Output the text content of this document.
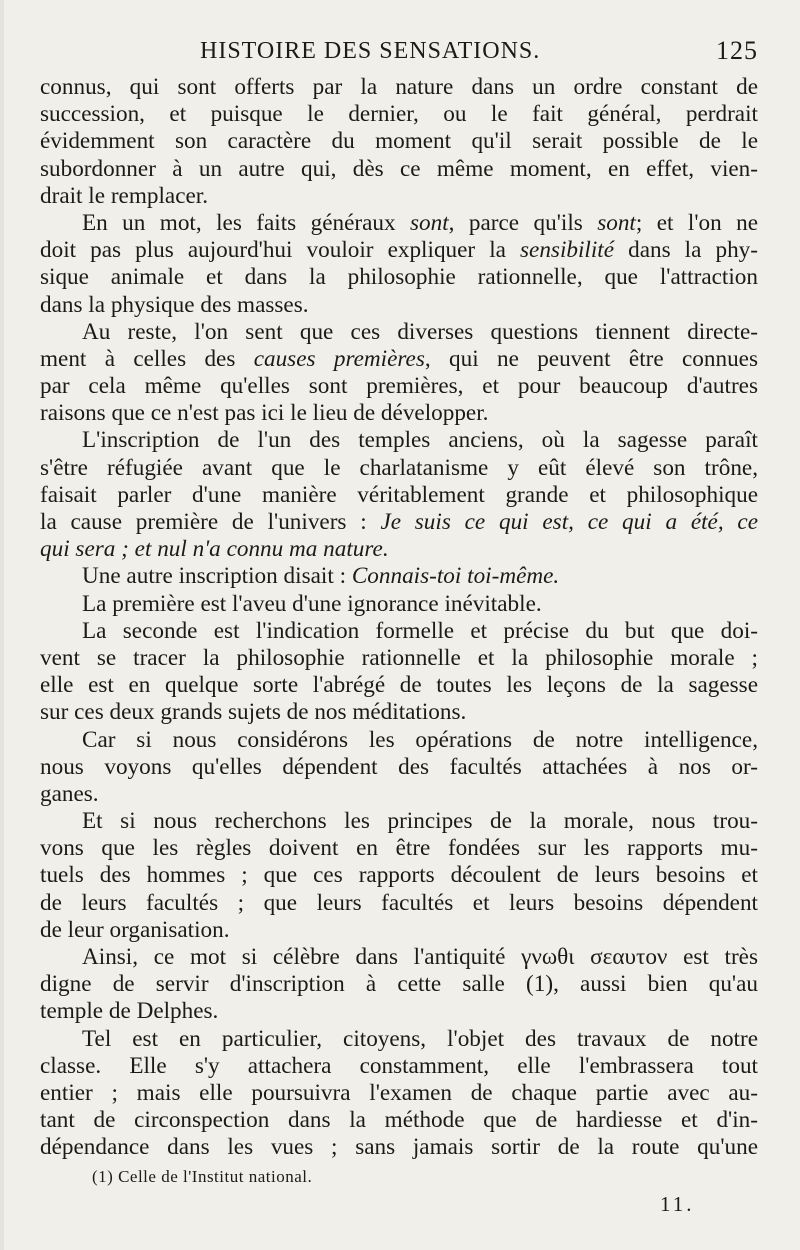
HISTOIRE DES SENSATIONS.	125
connus, qui sont offerts par la nature dans un ordre constant de
succession, et puisque le dernier, ou le fait général, perdrait
évidemment son caractère du moment qu'il serait possible de le
subordonner à un autre qui, dès ce même moment, en effet, vien-
drait le remplacer.
En un mot, les faits généraux sont, parce qu'ils sont; et l'on ne
doit pas plus aujourd'hui vouloir expliquer la sensibilité dans la phy-
sique animale et dans la philosophie rationnelle, que l'attraction
dans la physique des masses.
Au reste, l'on sent que ces diverses questions tiennent directe-
ment à celles des causes premières, qui ne peuvent être connues
par cela même qu'elles sont premières, et pour beaucoup d'autres
raisons que ce n'est pas ici le lieu de développer.
L'inscription de l'un des temples anciens, où la sagesse paraît
s'être réfugiée avant que le charlatanisme y eût élevé son trône,
faisait parler d'une manière véritablement grande et philosophique
la cause première de l'univers : Je suis ce qui est, ce qui a été, ce
qui sera ; et nul n'a connu ma nature.
Une autre inscription disait : Connais-toi toi-même.
La première est l'aveu d'une ignorance inévitable.
La seconde est l'indication formelle et précise du but que doi-
vent se tracer la philosophie rationnelle et la philosophie morale ;
elle est en quelque sorte l'abrégé de toutes les leçons de la sagesse
sur ces deux grands sujets de nos méditations.
Car si nous considérons les opérations de notre intelligence,
nous voyons qu'elles dépendent des facultés attachées à nos or-
ganes.
Et si nous recherchons les principes de la morale, nous trou-
vons que les règles doivent en être fondées sur les rapports mu-
tuels des hommes ; que ces rapports découlent de leurs besoins et
de leurs facultés ; que leurs facultés et leurs besoins dépendent
de leur organisation.
Ainsi, ce mot si célèbre dans l'antiquité γνωθι σεαυτον est très
digne de servir d'inscription à cette salle (1), aussi bien qu'au
temple de Delphes.
Tel est en particulier, citoyens, l'objet des travaux de notre
classe. Elle s'y attachera constamment, elle l'embrassera tout
entier ; mais elle poursuivra l'examen de chaque partie avec au-
tant de circonspection dans la méthode que de hardiesse et d'in-
dépendance dans les vues ; sans jamais sortir de la route qu'une
(1) Celle de l'Institut national.
11.
